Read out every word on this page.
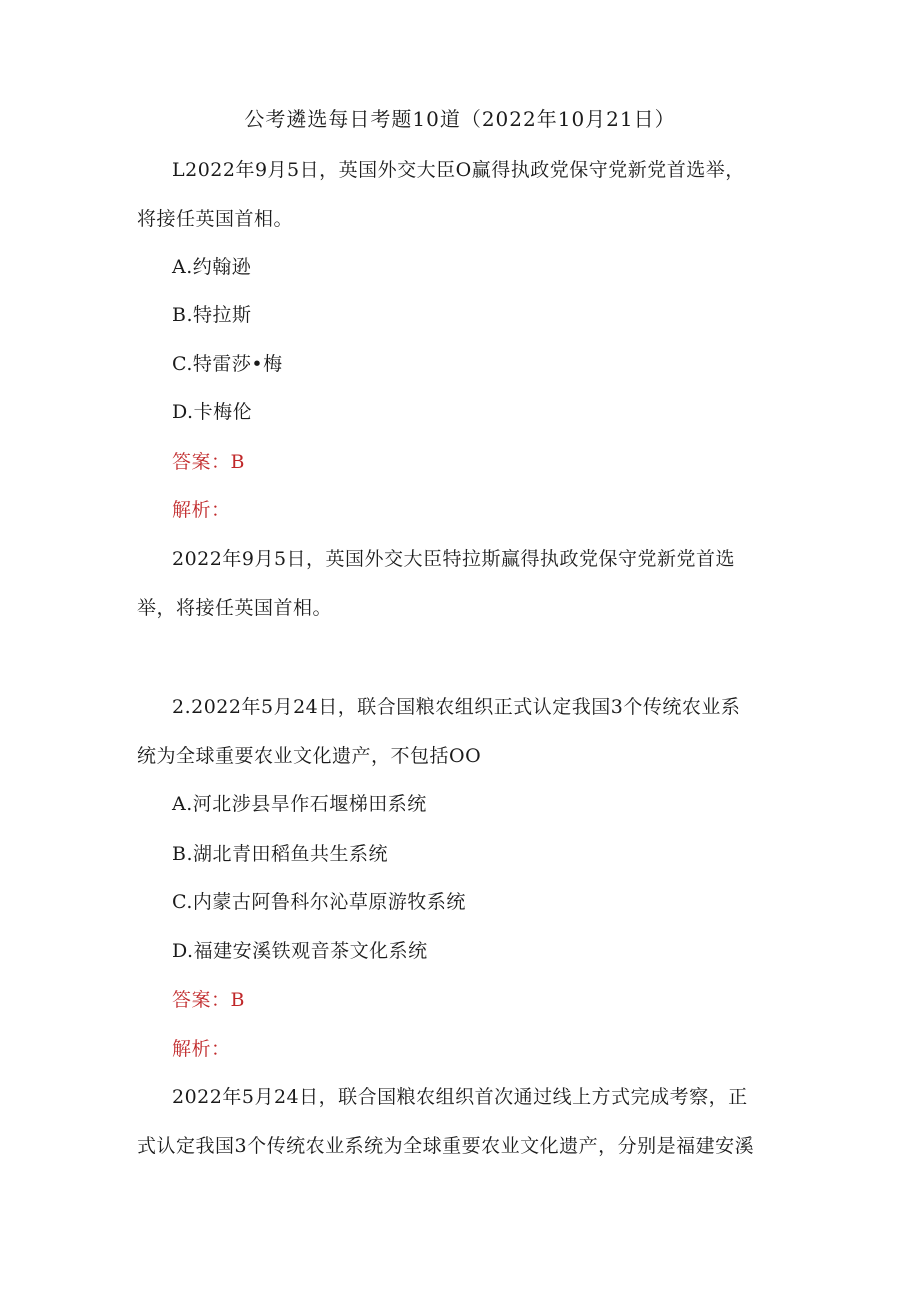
公考遴选每日考题10道（2022年10月21日）
L2022年9月5日，英国外交大臣O赢得执政党保守党新党首选举，
将接任英国首相。
A.约翰逊
B.特拉斯
C.特雷莎•梅
D.卡梅伦
答案：B
解析：
2022年9月5日，英国外交大臣特拉斯赢得执政党保守党新党首选
举，将接任英国首相。
2.2022年5月24日，联合国粮农组织正式认定我国3个传统农业系
统为全球重要农业文化遗产，不包括OO
A.河北涉县旱作石堰梯田系统
B.湖北青田稻鱼共生系统
C.内蒙古阿鲁科尔沁草原游牧系统
D.福建安溪铁观音茶文化系统
答案：B
解析：
2022年5月24日，联合国粮农组织首次通过线上方式完成考察，正
式认定我国3个传统农业系统为全球重要农业文化遗产，分别是福建安溪
